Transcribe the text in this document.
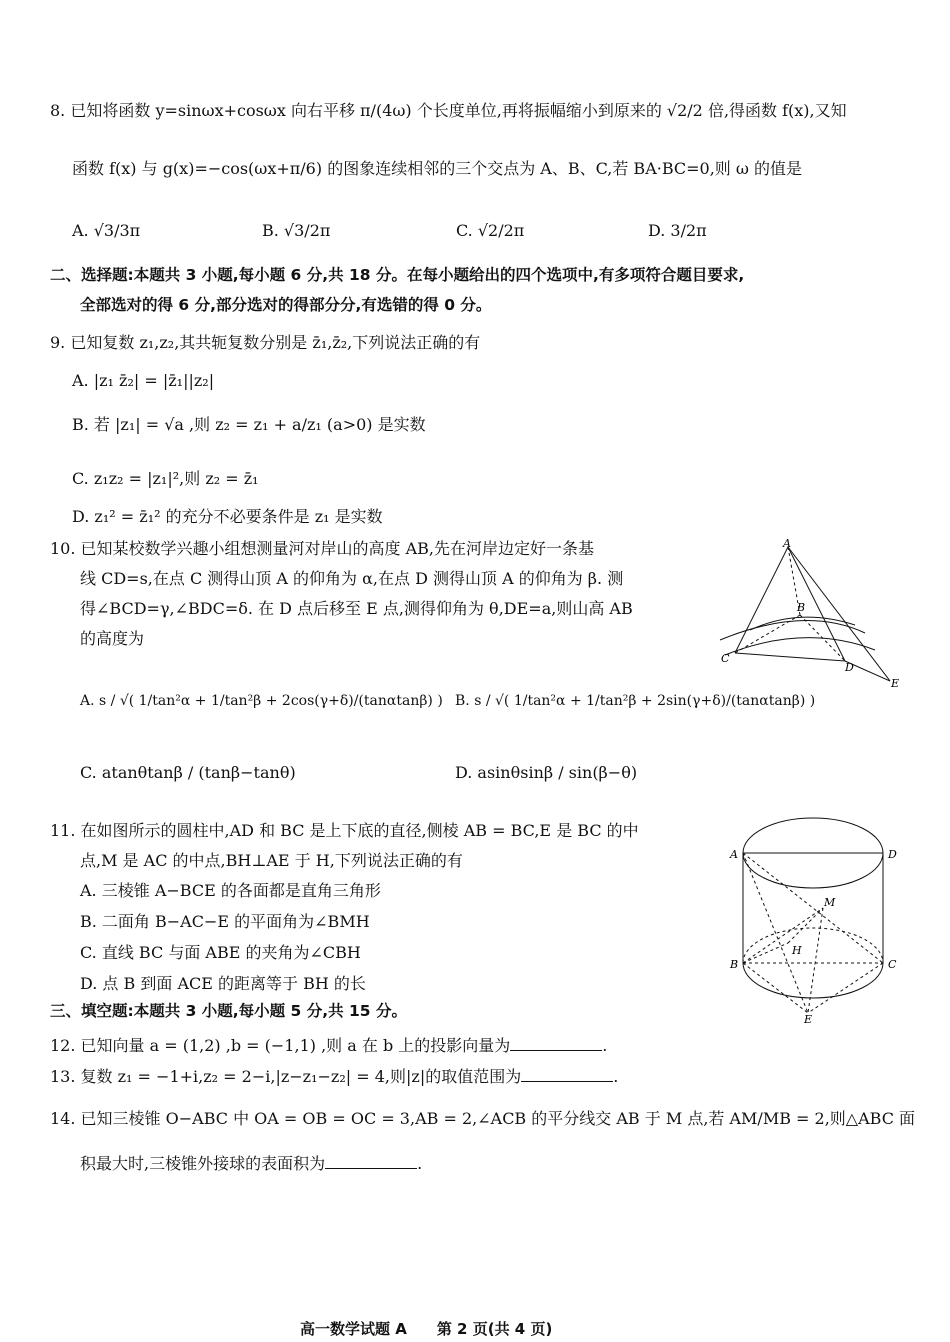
8. 已知将函数 y=sinωx+cosωx 向右平移 π/(4ω) 个长度单位,再将振幅缩小到原来的 √2/2 倍,得函数 f(x),又知
函数 f(x) 与 g(x)=−cos(ωx+π/6) 的图象连续相邻的三个交点为 A、B、C,若 BA·BC=0,则 ω 的值是
A. √3/3π	B. √3/2π	C. √2/2π	D. 3/2π
二、选择题:本题共 3 小题,每小题 6 分,共 18 分。在每小题给出的四个选项中,有多项符合题目要求,
全部选对的得 6 分,部分选对的得部分分,有选错的得 0 分。
9. 已知复数 z₁,z₂,其共轭复数分别是 z̄₁,z̄₂,下列说法正确的有
A. |z₁ z̄₂| = |z̄₁||z₂|
B. 若 |z₁| = √a ,则 z₂ = z₁ + a/z₁ (a>0) 是实数
C. z₁z₂ = |z₁|²,则 z₂ = z̄₁
D. z₁² = z̄₁² 的充分不必要条件是 z₁ 是实数
10. 已知某校数学兴趣小组想测量河对岸山的高度 AB,先在河岸边定好一条基
线 CD=s,在点 C 测得山顶 A 的仰角为 α,在点 D 测得山顶 A 的仰角为 β. 测
得∠BCD=γ,∠BDC=δ. 在 D 点后移至 E 点,测得仰角为 θ,DE=a,则山高 AB
的高度为
A. s / √( 1/tan²α + 1/tan²β + 2cos(γ+δ)/(tanαtanβ) ) B. s / √( 1/tan²α + 1/tan²β + 2sin(γ+δ)/(tanαtanβ) )
C. atanθtanβ / (tanβ−tanθ)	D. asinθsinβ / sin(β−θ)
A
B
C
D
E
11. 在如图所示的圆柱中,AD 和 BC 是上下底的直径,侧棱 AB = BC,E 是 BC 的中
点,M 是 AC 的中点,BH⊥AE 于 H,下列说法正确的有
A. 三棱锥 A−BCE 的各面都是直角三角形
B. 二面角 B−AC−E 的平面角为∠BMH
C. 直线 BC 与面 ABE 的夹角为∠CBH
D. 点 B 到面 ACE 的距离等于 BH 的长
A	D
M
H
B	C
E
三、填空题:本题共 3 小题,每小题 5 分,共 15 分。
12. 已知向量 a = (1,2) ,b = (−1,1) ,则 a 在 b 上的投影向量为	.
13. 复数 z₁ = −1+i,z₂ = 2−i,|z−z₁−z₂| = 4,则|z|的取值范围为	.
14. 已知三棱锥 O−ABC 中 OA = OB = OC = 3,AB = 2,∠ACB 的平分线交 AB 于 M 点,若 AM/MB = 2,则△ABC 面
积最大时,三棱锥外接球的表面积为	.
高一数学试题 A　　第 2 页(共 4 页)
